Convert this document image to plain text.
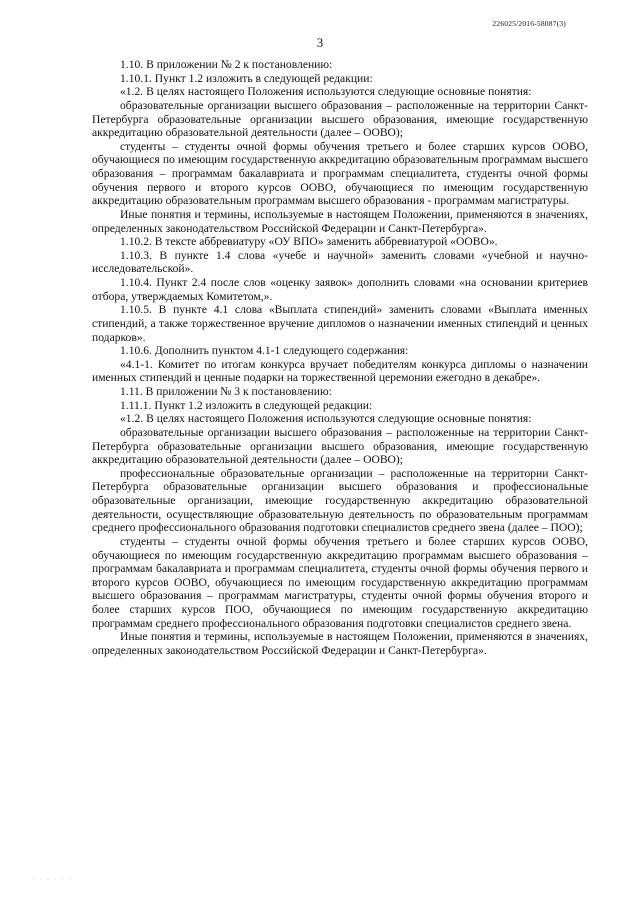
226025/2016-58087(3)
3

1.10. В приложении № 2 к постановлению:

1.10.1. Пункт 1.2 изложить в следующей редакции:

«1.2. В целях настоящего Положения используются следующие основные понятия:

образовательные организации высшего образования – расположенные на территории Санкт-Петербурга образовательные организации высшего образования, имеющие государственную аккредитацию образовательной деятельности (далее – ООВО);

студенты – студенты очной формы обучения третьего и более старших курсов ООВО, обучающиеся по имеющим государственную аккредитацию образовательным программам высшего образования – программам бакалавриата и программам специалитета, студенты очной формы обучения первого и второго курсов ООВО, обучающиеся по имеющим государственную аккредитацию образовательным программам высшего образования - программам магистратуры.

Иные понятия и термины, используемые в настоящем Положении, применяются в значениях, определенных законодательством Российской Федерации и Санкт-Петербурга».

1.10.2. В тексте аббревиатуру «ОУ ВПО» заменить аббревиатурой «ООВО».

1.10.3. В пункте 1.4 слова «учебе и научной» заменить словами «учебной и научно-исследовательской».

1.10.4. Пункт 2.4 после слов «оценку заявок» дополнить словами «на основании критериев отбора, утверждаемых Комитетом,».

1.10.5. В пункте 4.1 слова «Выплата стипендий» заменить словами «Выплата именных стипендий, а также торжественное вручение дипломов о назначении именных стипендий и ценных подарков».

1.10.6. Дополнить пунктом 4.1-1 следующего содержания:

«4.1-1. Комитет по итогам конкурса вручает победителям конкурса дипломы о назначении именных стипендий и ценные подарки на торжественной церемонии ежегодно в декабре».

1.11. В приложении № 3 к постановлению:

1.11.1. Пункт 1.2 изложить в следующей редакции:

«1.2. В целях настоящего Положения используются следующие основные понятия:

образовательные организации высшего образования – расположенные на территории Санкт-Петербурга образовательные организации высшего образования, имеющие государственную аккредитацию образовательной деятельности (далее – ООВО);

профессиональные образовательные организации – расположенные на территории Санкт-Петербурга образовательные организации высшего образования и профессиональные образовательные организации, имеющие государственную аккредитацию образовательной деятельности, осуществляющие образовательную деятельность по образовательным программам среднего профессионального образования подготовки специалистов среднего звена (далее – ПОО);

студенты – студенты очной формы обучения третьего и более старших курсов ООВО, обучающиеся по имеющим государственную аккредитацию программам высшего образования – программам бакалавриата и программам специалитета, студенты очной формы обучения первого и второго курсов ООВО, обучающиеся по имеющим государственную аккредитацию программам высшего образования – программам магистратуры, студенты очной формы обучения второго и более старших курсов ПОО, обучающиеся по имеющим государственную аккредитацию программам среднего профессионального образования подготовки специалистов среднего звена.

Иные понятия и термины, используемые в настоящем Положении, применяются в значениях, определенных законодательством Российской Федерации и Санкт-Петербурга».

· · · · · ·
